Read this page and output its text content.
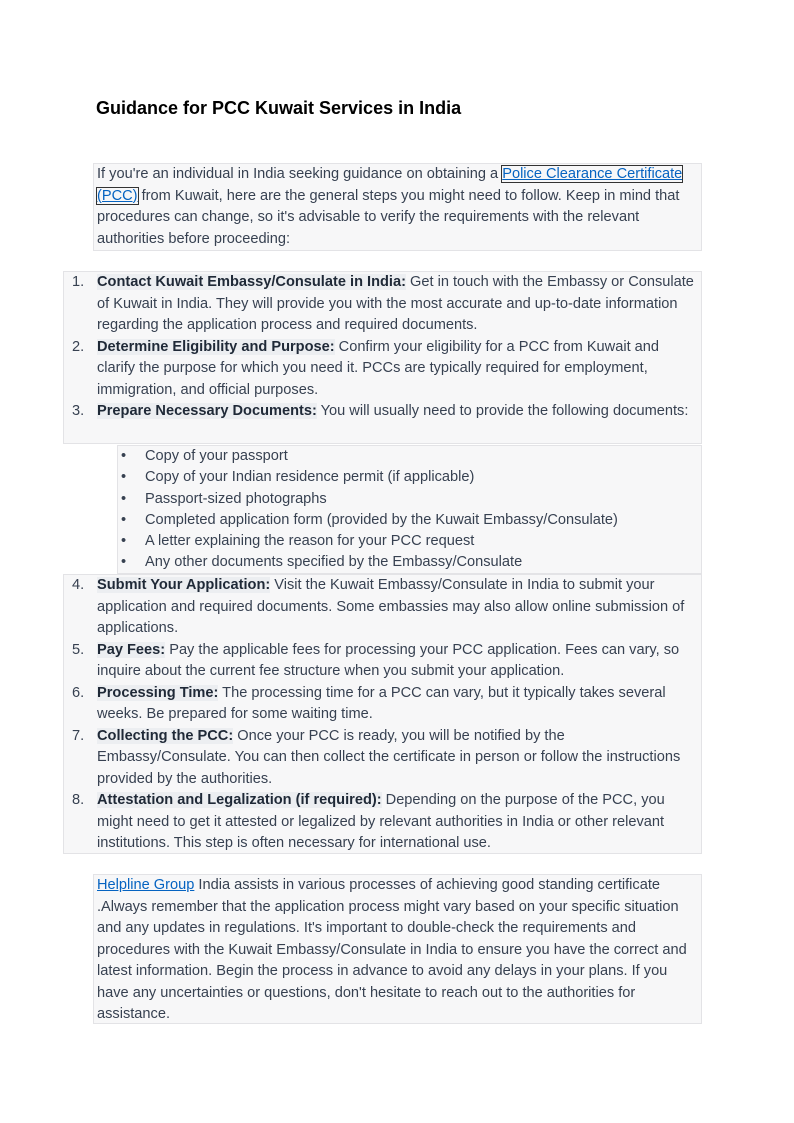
Guidance for PCC Kuwait Services in India
If you're an individual in India seeking guidance on obtaining a Police Clearance Certificate (PCC) from Kuwait, here are the general steps you might need to follow. Keep in mind that procedures can change, so it's advisable to verify the requirements with the relevant authorities before proceeding:
1. Contact Kuwait Embassy/Consulate in India: Get in touch with the Embassy or Consulate of Kuwait in India. They will provide you with the most accurate and up-to-date information regarding the application process and required documents.
2. Determine Eligibility and Purpose: Confirm your eligibility for a PCC from Kuwait and clarify the purpose for which you need it. PCCs are typically required for employment, immigration, and official purposes.
3. Prepare Necessary Documents: You will usually need to provide the following documents:
• Copy of your passport
• Copy of your Indian residence permit (if applicable)
• Passport-sized photographs
• Completed application form (provided by the Kuwait Embassy/Consulate)
• A letter explaining the reason for your PCC request
• Any other documents specified by the Embassy/Consulate
4. Submit Your Application: Visit the Kuwait Embassy/Consulate in India to submit your application and required documents. Some embassies may also allow online submission of applications.
5. Pay Fees: Pay the applicable fees for processing your PCC application. Fees can vary, so inquire about the current fee structure when you submit your application.
6. Processing Time: The processing time for a PCC can vary, but it typically takes several weeks. Be prepared for some waiting time.
7. Collecting the PCC: Once your PCC is ready, you will be notified by the Embassy/Consulate. You can then collect the certificate in person or follow the instructions provided by the authorities.
8. Attestation and Legalization (if required): Depending on the purpose of the PCC, you might need to get it attested or legalized by relevant authorities in India or other relevant institutions. This step is often necessary for international use.
Helpline Group India assists in various processes of achieving good standing certificate .Always remember that the application process might vary based on your specific situation and any updates in regulations. It's important to double-check the requirements and procedures with the Kuwait Embassy/Consulate in India to ensure you have the correct and latest information. Begin the process in advance to avoid any delays in your plans. If you have any uncertainties or questions, don't hesitate to reach out to the authorities for assistance.
